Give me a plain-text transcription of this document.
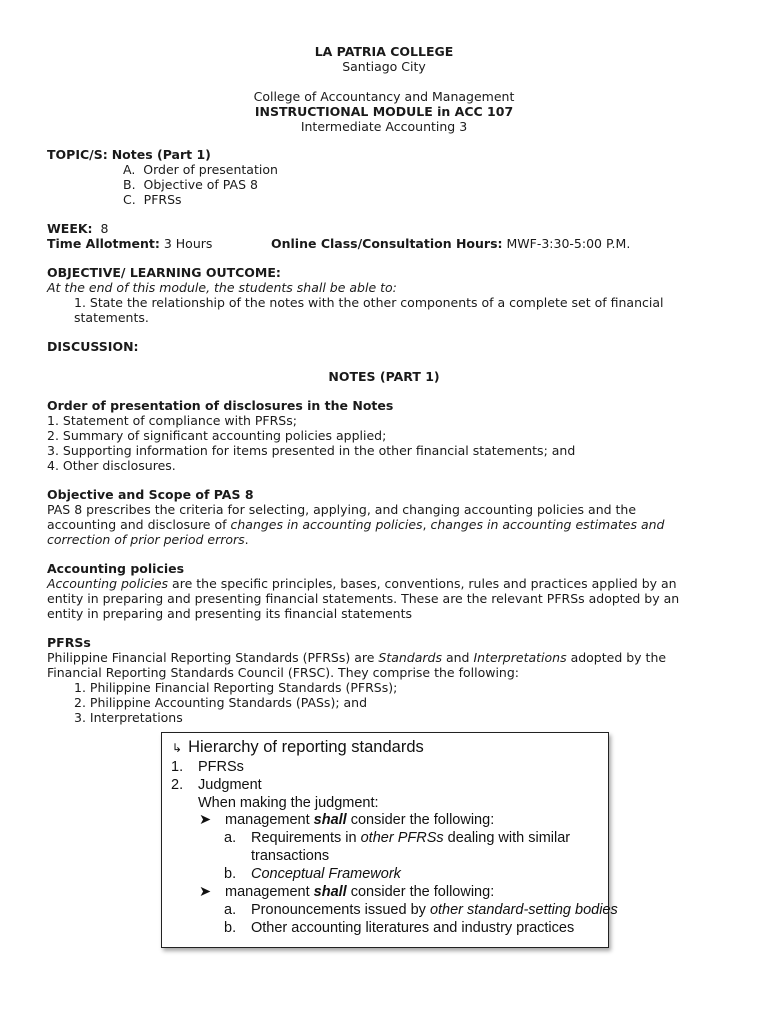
LA PATRIA COLLEGE
Santiago City
College of Accountancy and Management
INSTRUCTIONAL MODULE in ACC 107
Intermediate Accounting 3
TOPIC/S: Notes (Part 1)
A. Order of presentation
B. Objective of PAS 8
C. PFRSs
WEEK: 8
Time Allotment: 3 Hours	Online Class/Consultation Hours: MWF-3:30-5:00 P.M.
OBJECTIVE/ LEARNING OUTCOME:
At the end of this module, the students shall be able to:
1. State the relationship of the notes with the other components of a complete set of financial
statements.
DISCUSSION:
NOTES (PART 1)
Order of presentation of disclosures in the Notes
1. Statement of compliance with PFRSs;
2. Summary of significant accounting policies applied;
3. Supporting information for items presented in the other financial statements; and
4. Other disclosures.
Objective and Scope of PAS 8
PAS 8 prescribes the criteria for selecting, applying, and changing accounting policies and the
accounting and disclosure of changes in accounting policies, changes in accounting estimates and
correction of prior period errors.
Accounting policies
Accounting policies are the specific principles, bases, conventions, rules and practices applied by an
entity in preparing and presenting financial statements. These are the relevant PFRSs adopted by an
entity in preparing and presenting its financial statements
PFRSs
Philippine Financial Reporting Standards (PFRSs) are Standards and Interpretations adopted by the
Financial Reporting Standards Council (FRSC). They comprise the following:
1. Philippine Financial Reporting Standards (PFRSs);
2. Philippine Accounting Standards (PASs); and
3. Interpretations
↳ Hierarchy of reporting standards
1. PFRSs
2. Judgment
When making the judgment:
➤ management shall consider the following:
a. Requirements in other PFRSs dealing with similar
transactions
b. Conceptual Framework
➤ management shall consider the following:
a. Pronouncements issued by other standard-setting bodies
b. Other accounting literatures and industry practices
